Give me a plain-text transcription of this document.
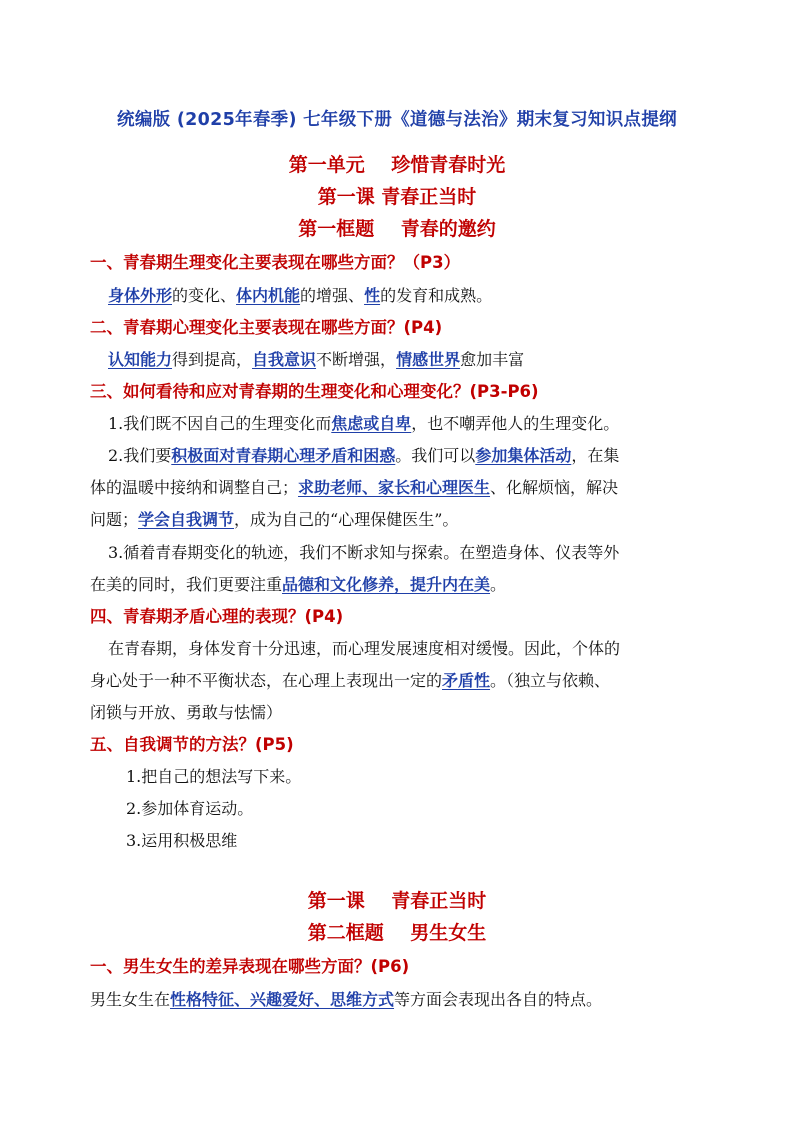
统编版 (2025年春季) 七年级下册《道德与法治》期末复习知识点提纲
第一单元    珍惜青春时光
第一课 青春正当时
第一框题    青春的邀约
一、青春期生理变化主要表现在哪些方面？（P3）
身体外形的变化、体内机能的增强、性的发育和成熟。
二、青春期心理变化主要表现在哪些方面？(P4)
认知能力得到提高，自我意识不断增强，情感世界愈加丰富
三、如何看待和应对青春期的生理变化和心理变化？(P3-P6)
1.我们既不因自己的生理变化而焦虑或自卑，也不嘲弄他人的生理变化。
2.我们要积极面对青春期心理矛盾和困惑。我们可以参加集体活动，在集
体的温暖中接纳和调整自己；求助老师、家长和心理医生、化解烦恼，解决
问题；学会自我调节，成为自己的“心理保健医生”。
3.循着青春期变化的轨迹，我们不断求知与探索。在塑造身体、仪表等外
在美的同时，我们更要注重品德和文化修养，提升内在美。
四、青春期矛盾心理的表现？(P4)
在青春期，身体发育十分迅速，而心理发展速度相对缓慢。因此，个体的
身心处于一种不平衡状态，在心理上表现出一定的矛盾性。（独立与依赖、
闭锁与开放、勇敢与怯懦）
五、自我调节的方法？(P5)
1.把自己的想法写下来。
2.参加体育运动。
3.运用积极思维
第一课    青春正当时
第二框题    男生女生
一、男生女生的差异表现在哪些方面？(P6)
男生女生在性格特征、兴趣爱好、思维方式等方面会表现出各自的特点。
